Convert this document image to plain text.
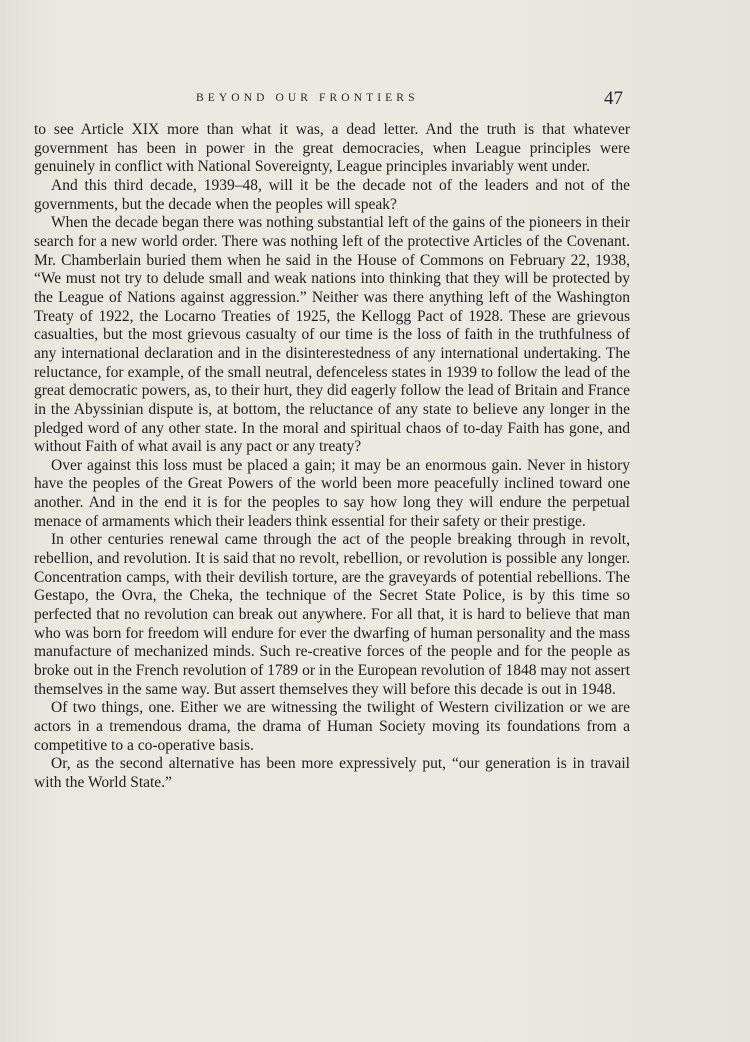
BEYOND OUR FRONTIERS	47

to see Article XIX more than what it was, a dead letter. And the truth is that whatever government has been in power in the great democracies, when League principles were genuinely in conflict with National Sovereignty, League principles invariably went under.

And this third decade, 1939–48, will it be the decade not of the leaders and not of the governments, but the decade when the peoples will speak?

When the decade began there was nothing substantial left of the gains of the pioneers in their search for a new world order. There was nothing left of the protective Articles of the Covenant. Mr. Chamberlain buried them when he said in the House of Commons on February 22, 1938, “We must not try to delude small and weak nations into thinking that they will be protected by the League of Nations against aggression.” Neither was there anything left of the Washington Treaty of 1922, the Locarno Treaties of 1925, the Kellogg Pact of 1928. These are grievous casualties, but the most grievous casualty of our time is the loss of faith in the truthfulness of any international declaration and in the disinterestedness of any international undertaking. The reluctance, for example, of the small neutral, defenceless states in 1939 to follow the lead of the great democratic powers, as, to their hurt, they did eagerly follow the lead of Britain and France in the Abyssinian dispute is, at bottom, the reluctance of any state to believe any longer in the pledged word of any other state. In the moral and spiritual chaos of to-day Faith has gone, and without Faith of what avail is any pact or any treaty?

Over against this loss must be placed a gain; it may be an enormous gain. Never in history have the peoples of the Great Powers of the world been more peacefully inclined toward one another. And in the end it is for the peoples to say how long they will endure the perpetual menace of armaments which their leaders think essential for their safety or their prestige.

In other centuries renewal came through the act of the people breaking through in revolt, rebellion, and revolution. It is said that no revolt, rebellion, or revolution is possible any longer. Concentration camps, with their devilish torture, are the graveyards of potential rebellions. The Gestapo, the Ovra, the Cheka, the technique of the Secret State Police, is by this time so perfected that no revolution can break out anywhere. For all that, it is hard to believe that man who was born for freedom will endure for ever the dwarfing of human personality and the mass manufacture of mechanized minds. Such re-creative forces of the people and for the people as broke out in the French revolution of 1789 or in the European revolution of 1848 may not assert themselves in the same way. But assert themselves they will before this decade is out in 1948.

Of two things, one. Either we are witnessing the twilight of Western civilization or we are actors in a tremendous drama, the drama of Human Society moving its foundations from a competitive to a co-operative basis.

Or, as the second alternative has been more expressively put, “our generation is in travail with the World State.”
